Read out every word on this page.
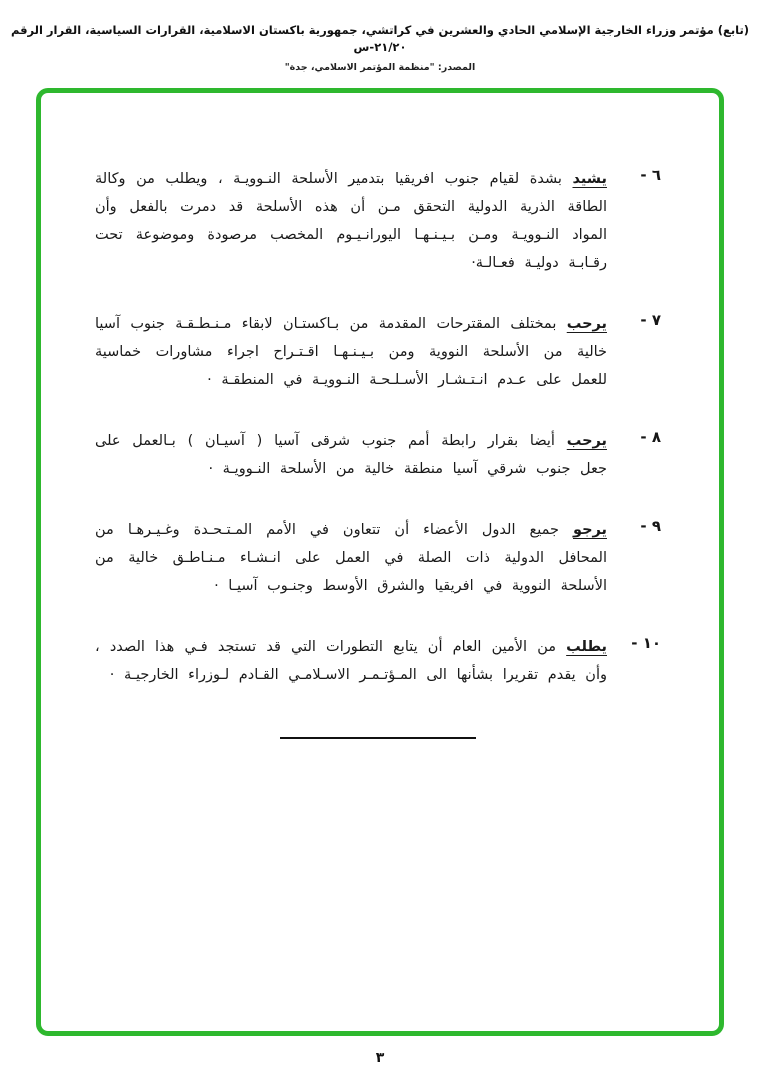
(تابع) مؤتمر وزراء الخارجية الإسلامي الحادي والعشرين في كراتشي، جمهورية باكستان الاسلامية، القرارات السياسية، القرار الرقم ٢١/٢٠-س
المصدر: "منظمة المؤتمر الاسلامي، جدة"
٦ -
يشيد بشدة لقيام جنوب افريقيا بتدمير الأسلحة النـوويـة ، ويطلب من وكالة الطاقة الذرية الدولية التحقق مـن أن هذه الأسلحة قد دمرت بالفعل وأن المواد النـوويـة ومـن بـيـنـهـا اليورانـيـوم المخصب مرصودة وموضوعة تحت رقـابـة دوليـة فعـالـة·
٧ -
يرحب بمختلف المقترحات المقدمة من بـاكستـان لابقاء مـنـطـقـة جنوب آسيا خالية من الأسلحة النووية ومن بـيـنـهـا اقـتـراح اجراء مشاورات خماسية للعمل على عـدم انـتـشـار الأسـلـحـة النـوويـة في المنطقـة ·
٨ -
يرحب أيضا بقرار رابطة أمم جنوب شرقى آسيا ( آسيـان ) بـالعمل على جعل جنوب شرقي آسيا منطقة خالية من الأسلحة النـوويـة ·
٩ -
يرجو جميع الدول الأعضاء أن تتعاون في الأمم المـتـحـدة وغـيـرهـا من المحافل الدولية ذات الصلة في العمل على انـشـاء مـنـاطـق خالية من الأسلحة النووية في افريقيا والشرق الأوسط وجنـوب آسيـا ·
١٠ -
يطلب من الأمين العام أن يتابع التطورات التي قد تستجد فـي هذا الصدد ، وأن يقدم تقريرا بشأنها الى المـؤتـمـر الاسـلامـي القـادم لـوزراء الخارجيـة ·
٣
